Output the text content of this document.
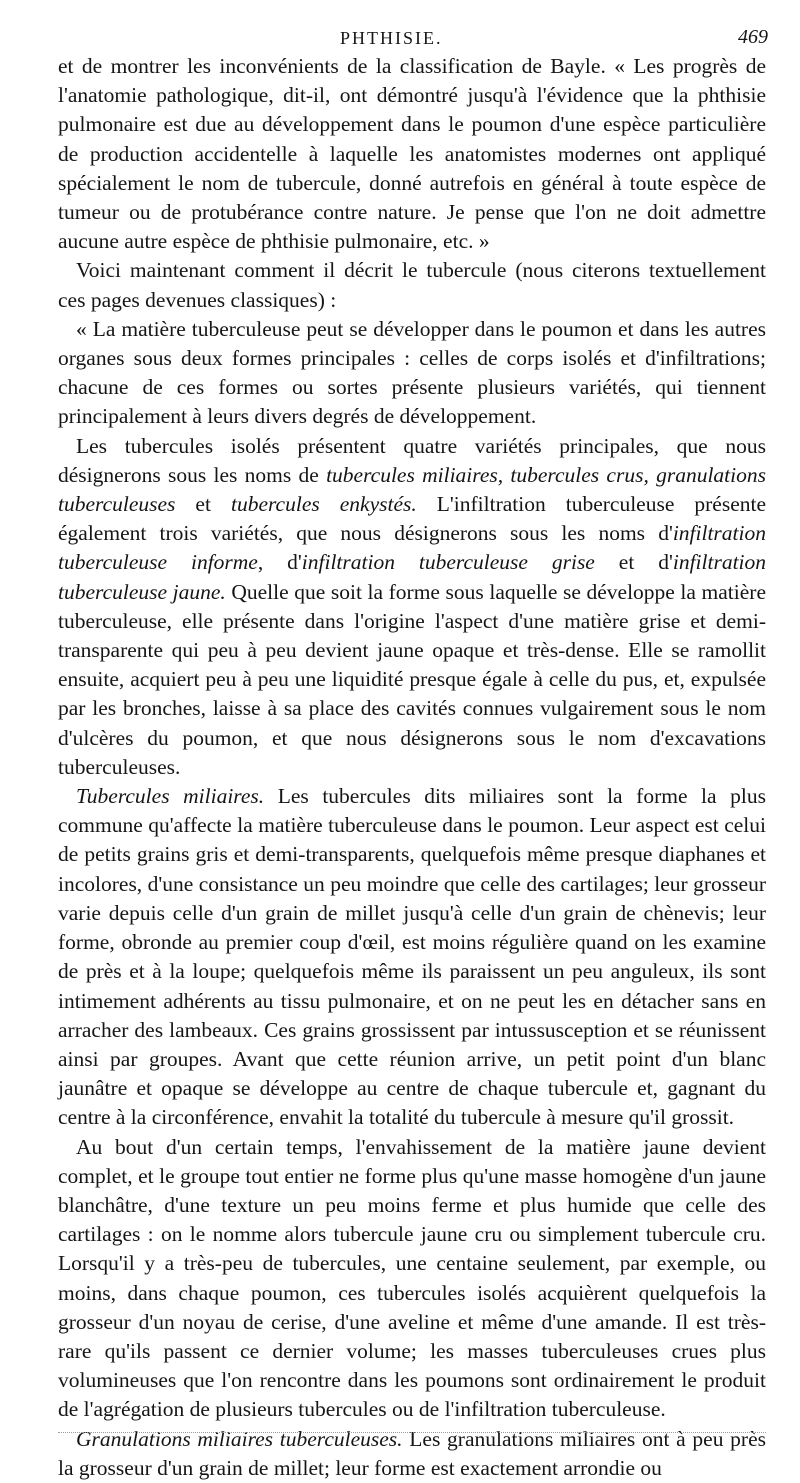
PHTHISIE.	469

et de montrer les inconvénients de la classification de Bayle. « Les progrès de l'anatomie pathologique, dit-il, ont démontré jusqu'à l'évidence que la phthisie pulmonaire est due au développement dans le poumon d'une espèce particulière de production accidentelle à laquelle les anatomistes modernes ont appliqué spécialement le nom de tubercule, donné autrefois en général à toute espèce de tumeur ou de protubérance contre nature. Je pense que l'on ne doit admettre aucune autre espèce de phthisie pulmonaire, etc. »

Voici maintenant comment il décrit le tubercule (nous citerons textuellement ces pages devenues classiques) :

« La matière tuberculeuse peut se développer dans le poumon et dans les autres organes sous deux formes principales : celles de corps isolés et d'infiltrations; chacune de ces formes ou sortes présente plusieurs variétés, qui tiennent principalement à leurs divers degrés de développement.

Les tubercules isolés présentent quatre variétés principales, que nous désignerons sous les noms de tubercules miliaires, tubercules crus, granulations tuberculeuses et tubercules enkystés. L'infiltration tuberculeuse présente également trois variétés, que nous désignerons sous les noms d'infiltration tuberculeuse informe, d'infiltration tuberculeuse grise et d'infiltration tuberculeuse jaune. Quelle que soit la forme sous laquelle se développe la matière tuberculeuse, elle présente dans l'origine l'aspect d'une matière grise et demi-transparente qui peu à peu devient jaune opaque et très-dense. Elle se ramollit ensuite, acquiert peu à peu une liquidité presque égale à celle du pus, et, expulsée par les bronches, laisse à sa place des cavités connues vulgairement sous le nom d'ulcères du poumon, et que nous désignerons sous le nom d'excavations tuberculeuses.

Tubercules miliaires. Les tubercules dits miliaires sont la forme la plus commune qu'affecte la matière tuberculeuse dans le poumon. Leur aspect est celui de petits grains gris et demi-transparents, quelquefois même presque diaphanes et incolores, d'une consistance un peu moindre que celle des cartilages; leur grosseur varie depuis celle d'un grain de millet jusqu'à celle d'un grain de chènevis; leur forme, obronde au premier coup d'œil, est moins régulière quand on les examine de près et à la loupe; quelquefois même ils paraissent un peu anguleux, ils sont intimement adhérents au tissu pulmonaire, et on ne peut les en détacher sans en arracher des lambeaux. Ces grains grossissent par intussusception et se réunissent ainsi par groupes. Avant que cette réunion arrive, un petit point d'un blanc jaunâtre et opaque se développe au centre de chaque tubercule et, gagnant du centre à la circonférence, envahit la totalité du tubercule à mesure qu'il grossit.

Au bout d'un certain temps, l'envahissement de la matière jaune devient complet, et le groupe tout entier ne forme plus qu'une masse homogène d'un jaune blanchâtre, d'une texture un peu moins ferme et plus humide que celle des cartilages : on le nomme alors tubercule jaune cru ou simplement tubercule cru. Lorsqu'il y a très-peu de tubercules, une centaine seulement, par exemple, ou moins, dans chaque poumon, ces tubercules isolés acquièrent quelquefois la grosseur d'un noyau de cerise, d'une aveline et même d'une amande. Il est très-rare qu'ils passent ce dernier volume; les masses tuberculeuses crues plus volumineuses que l'on rencontre dans les poumons sont ordinairement le produit de l'agrégation de plusieurs tubercules ou de l'infiltration tuberculeuse.

Granulations miliaires tuberculeuses. Les granulations miliaires ont à peu près la grosseur d'un grain de millet; leur forme est exactement arrondie ou
